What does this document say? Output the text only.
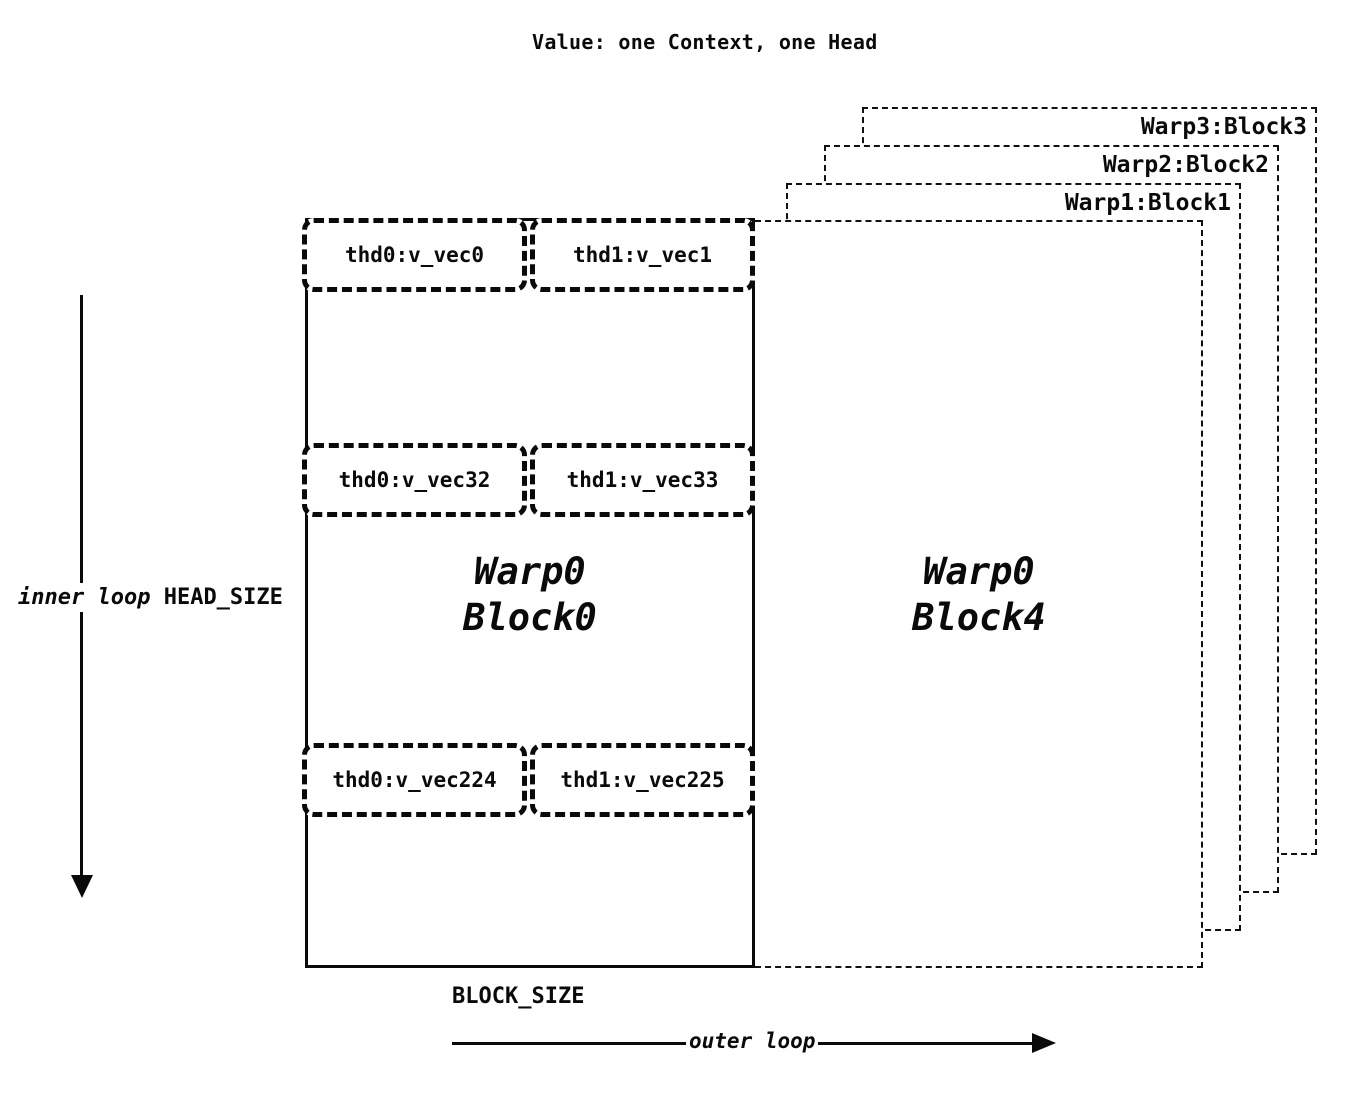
Value: one Context, one Head
Warp3:Block3
Warp2:Block2
Warp1:Block1
Warp0
Block0
Warp0
Block4
thd0:v_vec0	thd1:v_vec1
thd0:v_vec32	thd1:v_vec33
thd0:v_vec224	thd1:v_vec225
inner loop HEAD_SIZE
BLOCK_SIZE
outer loop
